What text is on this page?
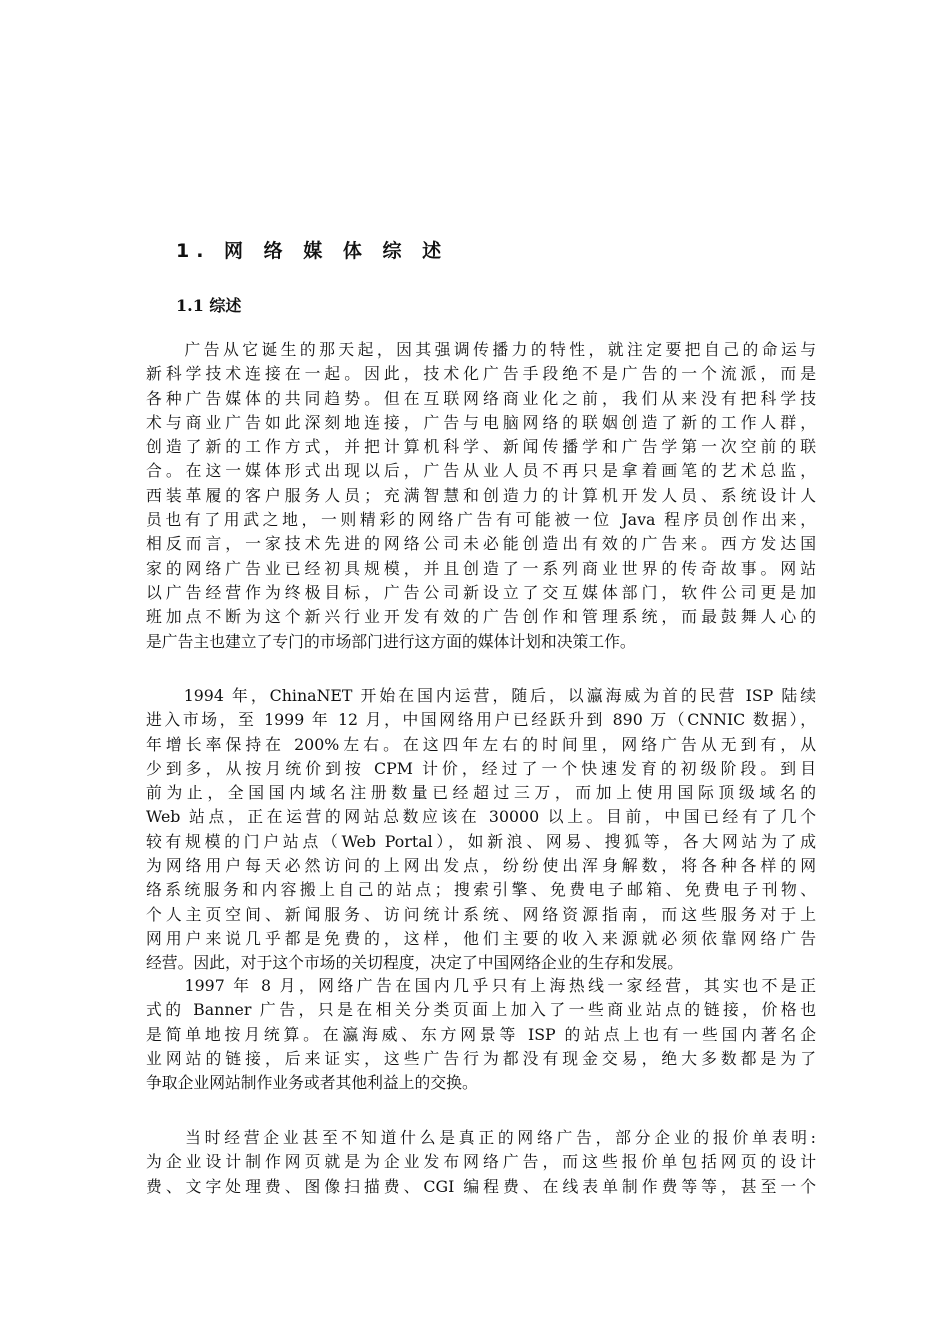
1. 网 络 媒 体 综 述
1.1 综述
　　广告从它诞生的那天起，因其强调传播力的特性，就注定要把自己的命运与
新科学技术连接在一起。因此，技术化广告手段绝不是广告的一个流派，而是
各种广告媒体的共同趋势。但在互联网络商业化之前，我们从来没有把科学技
术与商业广告如此深刻地连接，广告与电脑网络的联姻创造了新的工作人群，
创造了新的工作方式，并把计算机科学、新闻传播学和广告学第一次空前的联
合。在这一媒体形式出现以后，广告从业人员不再只是拿着画笔的艺术总监，
西装革履的客户服务人员；充满智慧和创造力的计算机开发人员、系统设计人
员也有了用武之地，一则精彩的网络广告有可能被一位 Java 程序员创作出来，
相反而言，一家技术先进的网络公司未必能创造出有效的广告来。西方发达国
家的网络广告业已经初具规模，并且创造了一系列商业世界的传奇故事。网站
以广告经营作为终极目标，广告公司新设立了交互媒体部门，软件公司更是加
班加点不断为这个新兴行业开发有效的广告创作和管理系统，而最鼓舞人心的
是广告主也建立了专门的市场部门进行这方面的媒体计划和决策工作。
　　1994 年，ChinaNET 开始在国内运营，随后，以瀛海威为首的民营 ISP 陆续
进入市场，至 1999 年 12 月，中国网络用户已经跃升到 890 万（CNNIC 数据），
年增长率保持在 200%左右。在这四年左右的时间里，网络广告从无到有，从
少到多，从按月统价到按 CPM 计价，经过了一个快速发育的初级阶段。到目
前为止，全国国内域名注册数量已经超过三万，而加上使用国际顶级域名的
Web 站点，正在运营的网站总数应该在 30000 以上。目前，中国已经有了几个
较有规模的门户站点（Web Portal），如新浪、网易、搜狐等，各大网站为了成
为网络用户每天必然访问的上网出发点，纷纷使出浑身解数，将各种各样的网
络系统服务和内容搬上自己的站点；搜索引擎、免费电子邮箱、免费电子刊物、
个人主页空间、新闻服务、访问统计系统、网络资源指南，而这些服务对于上
网用户来说几乎都是免费的，这样，他们主要的收入来源就必须依靠网络广告
经营。因此，对于这个市场的关切程度，决定了中国网络企业的生存和发展。
　　1997 年 8 月，网络广告在国内几乎只有上海热线一家经营，其实也不是正
式的 Banner 广告，只是在相关分类页面上加入了一些商业站点的链接，价格也
是简单地按月统算。在瀛海威、东方网景等 ISP 的站点上也有一些国内著名企
业网站的链接，后来证实，这些广告行为都没有现金交易，绝大多数都是为了
争取企业网站制作业务或者其他利益上的交换。
　　当时经营企业甚至不知道什么是真正的网络广告，部分企业的报价单表明:
为企业设计制作网页就是为企业发布网络广告，而这些报价单包括网页的设计
费、文字处理费、图像扫描费、CGI 编程费、在线表单制作费等等，甚至一个
